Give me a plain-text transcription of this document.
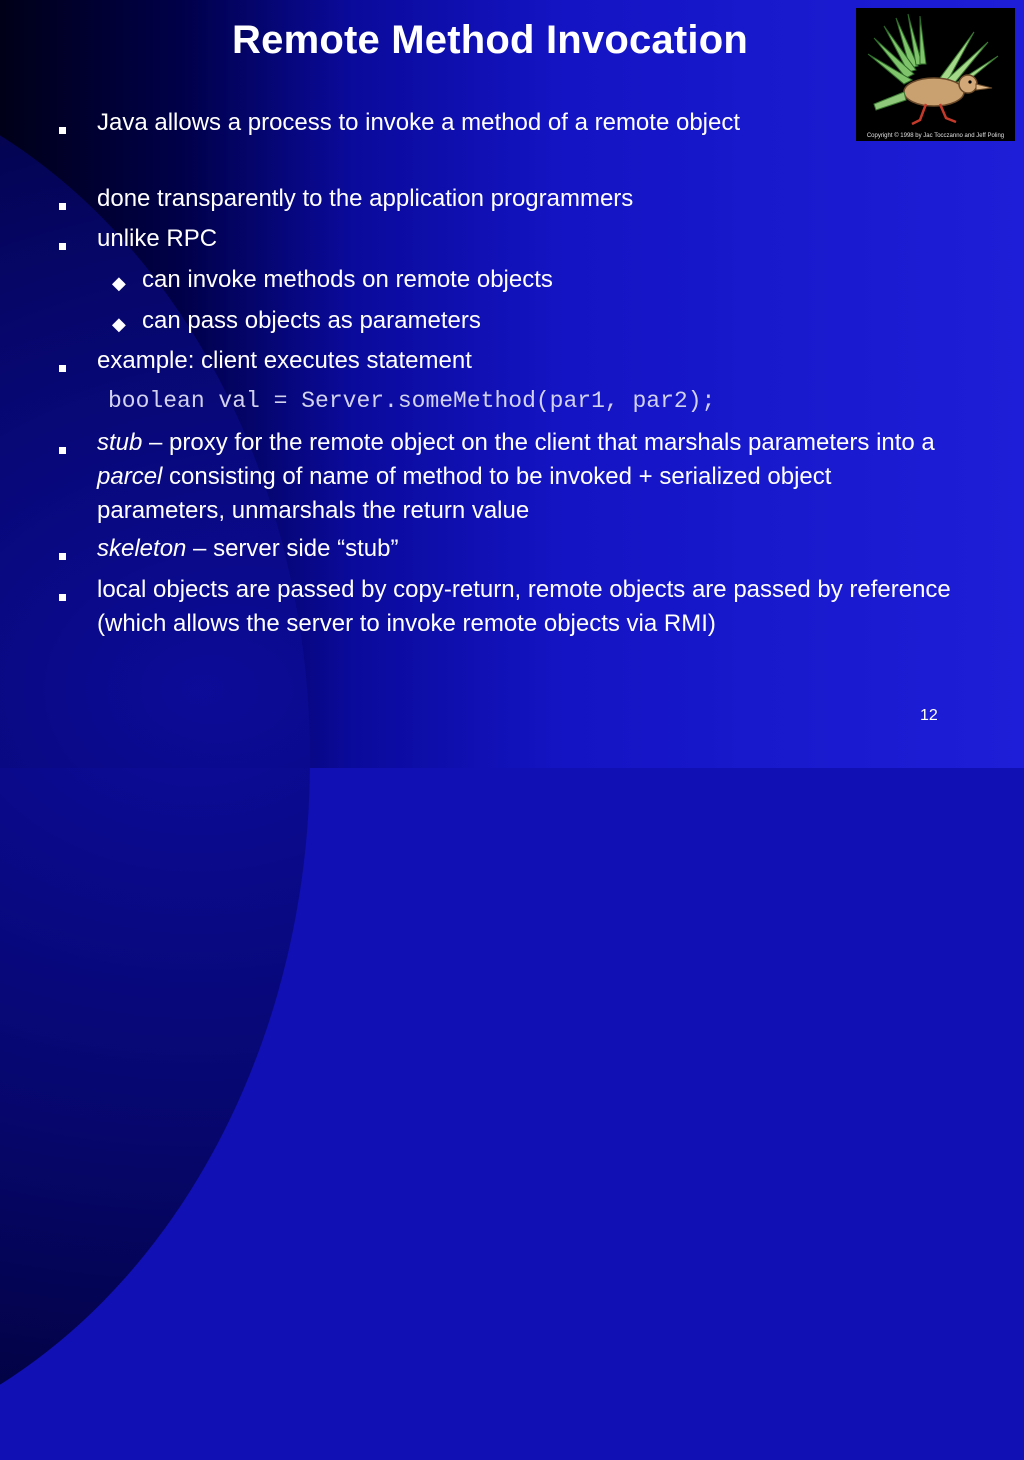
Remote Method Invocation
Copyright © 1998 by Jac Tocczanno and Jeff Poling
Java allows a process to invoke a method of a remote object
done transparently to the application programmers
unlike RPC
◆ can invoke methods on remote objects
◆ can pass objects as parameters
example: client executes statement
boolean val = Server.someMethod(par1, par2);
stub – proxy for the remote object on the client that marshals parameters into a parcel consisting of name of method to be invoked + serialized object parameters, unmarshals the return value
skeleton – server side “stub”
local objects are passed by copy-return, remote objects are passed by reference (which allows the server to invoke remote objects via RMI)
12
